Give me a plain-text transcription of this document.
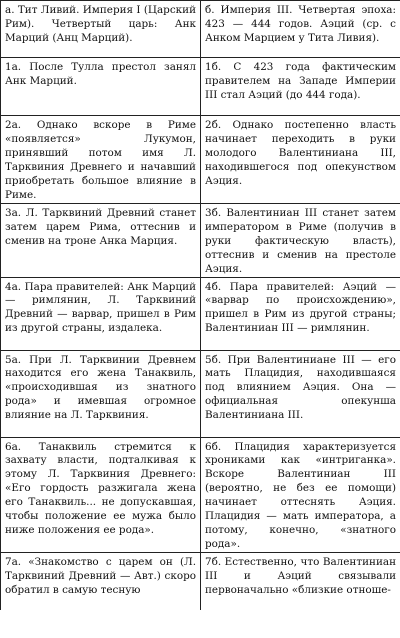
а. Тит Ливий. Империя I (Царский Рим). Четвертый царь: Анк Марций (Анц Марций).	б. Империя III. Четвертая эпоха: 423 — 444 годов. Аэций (ср. с Анком Марцием у Тита Ливия).

1а. После Тулла престол занял Анк Марций.	1б. С 423 года фактическим правителем на Западе Империи III стал Аэций (до 444 года).

2а. Однако вскоре в Риме «появляется» Лукумон, принявший потом имя Л. Тарквиния Древнего и начавший приобретать большое влияние в Риме.	2б. Однако постепенно власть начинает переходить в руки молодого Валентиниана III, находившегося под опекунством Аэция.

3а. Л. Тарквиний Древний станет затем царем Рима, оттеснив и сменив на троне Анка Марция.	3б. Валентиниан III станет затем императором в Риме (получив в руки фактическую власть), оттеснив и сменив на престоле Аэция.

4а. Пара правителей: Анк Марций — римлянин, Л. Тарквиний Древний — варвар, пришел в Рим из другой страны, издалека.	4б. Пара правителей: Аэций — «варвар по происхождению», пришел в Рим из другой страны; Валентиниан III — римлянин.

5а. При Л. Тарквинии Древнем находится его жена Танаквиль, «происходившая из знатного рода» и имевшая огромное влияние на Л. Тарквиния.	5б. При Валентиниане III — его мать Плацидия, находившаяся под влиянием Аэция. Она — официальная опекунша Валентиниана III.

6а. Танаквиль стремится к захвату власти, подталкивая к этому Л. Тарквиния Древнего: «Его гордость разжигала жена его Танаквиль... не допускавшая, чтобы положение ее мужа было ниже положения ее рода».	6б. Плацидия характеризуется хрониками как «интриганка». Вскоре Валентиниан III (вероятно, не без ее помощи) начинает оттеснять Аэция. Плацидия — мать императора, а потому, конечно, «знатного рода».

7а. «Знакомство с царем он (Л. Тарквиний Древний — Авт.) скоро обратил в самую тесную	7б. Естественно, что Валентиниан III и Аэций связывали первоначально «близкие отноше-
